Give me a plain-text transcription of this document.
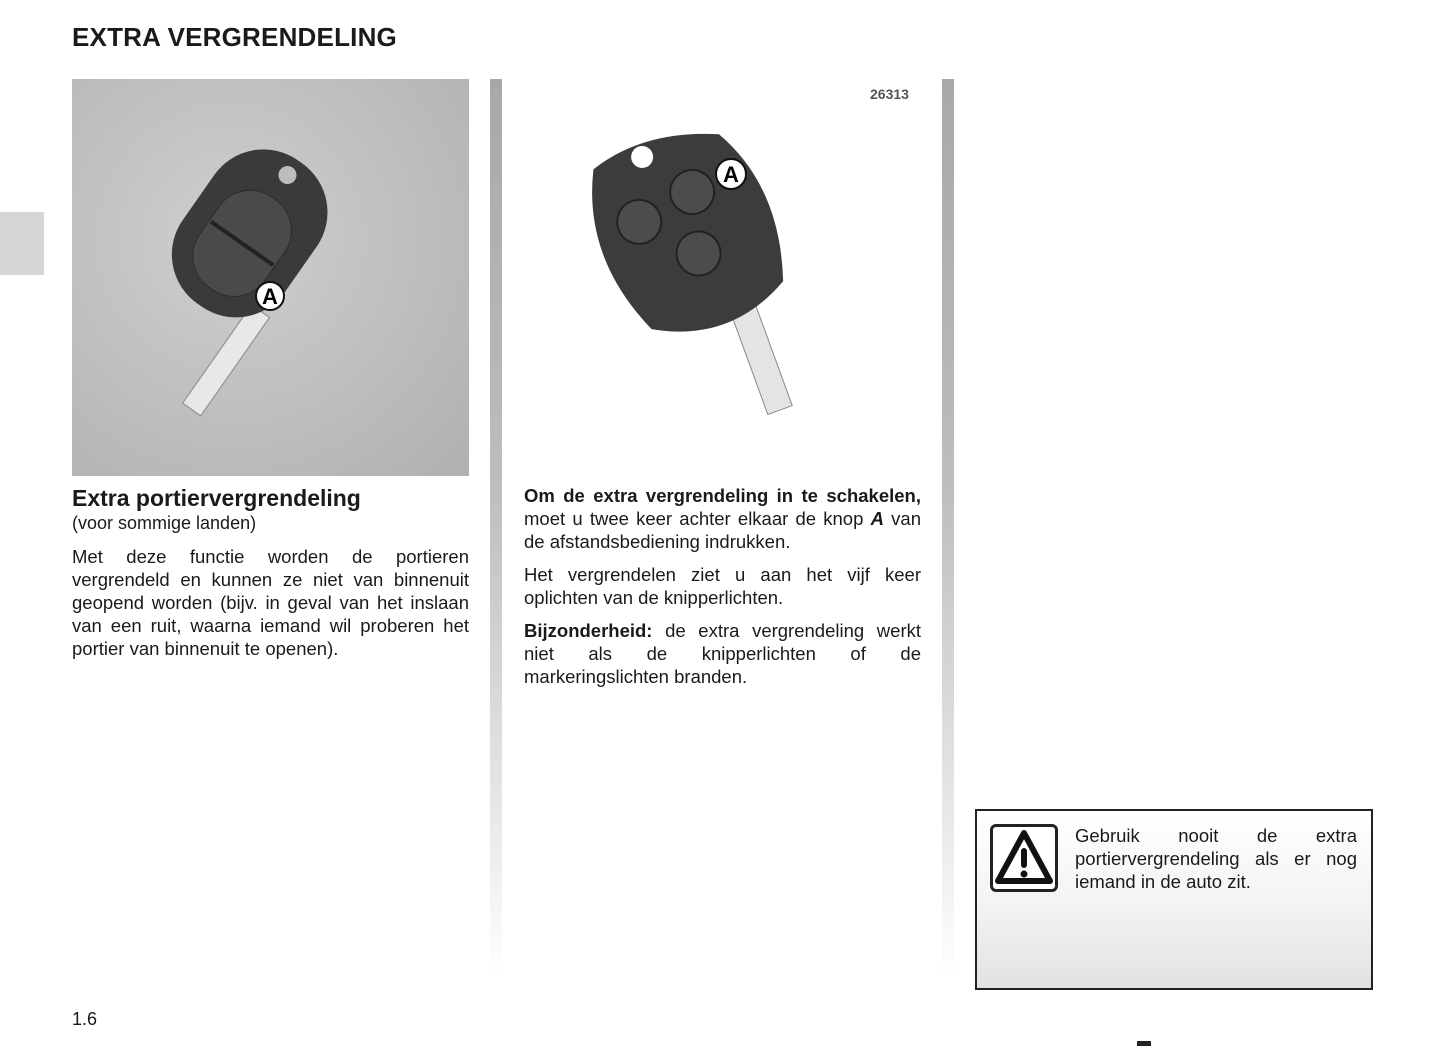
EXTRA VERGRENDELING
A
Extra portiervergrendeling
(voor sommige landen)

Met deze functie worden de portieren vergrendeld en kunnen ze niet van binnenuit geopend worden (bijv. in geval van het inslaan van een ruit, waarna iemand wil proberen het portier van binnenuit te openen).

26313
A

Om de extra vergrendeling in te schakelen, moet u twee keer achter elkaar de knop A van de afstandsbediening indrukken.

Het vergrendelen ziet u aan het vijf keer oplichten van de knipperlichten.

Bijzonderheid: de extra vergrendeling werkt niet als de knipperlichten of de markeringslichten branden.

Gebruik nooit de extra portiervergrendeling als er nog iemand in de auto zit.

1.6
